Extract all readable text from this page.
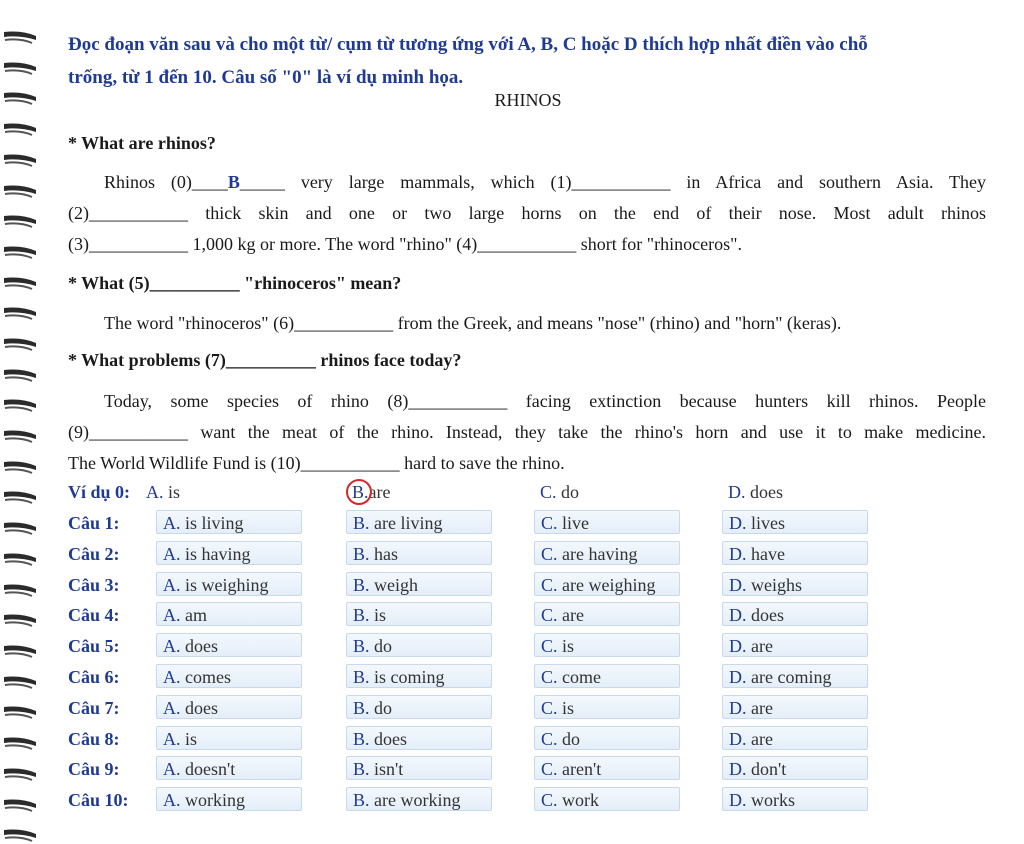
Đọc đoạn văn sau và cho một từ/ cụm từ tương ứng với A, B, C hoặc D thích hợp nhất điền vào chỗ
trống, từ 1 đến 10. Câu số "0" là ví dụ minh họa.
RHINOS
* What are rhinos?
Rhinos (0)____B_____ very large mammals, which (1)___________ in Africa and southern Asia. They
(2)___________ thick skin and one or two large horns on the end of their nose. Most adult rhinos
(3)___________ 1,000 kg or more. The word "rhino" (4)___________ short for "rhinoceros".
* What (5)__________ "rhinoceros" mean?
The word "rhinoceros" (6)___________ from the Greek, and means "nose" (rhino) and "horn" (keras).
* What problems (7)__________ rhinos face today?
Today, some species of rhino (8)___________ facing extinction because hunters kill rhinos. People
(9)___________ want the meat of the rhino. Instead, they take the rhino's horn and use it to make medicine.
The World Wildlife Fund is (10)___________ hard to save the rhino.
Ví dụ 0: A. is	B.are	C. do	D. does
Câu 1:	A. is living	B. are living	C. live	D. lives
Câu 2:	A. is having	B. has	C. are having	D. have
Câu 3:	A. is weighing	B. weigh	C. are weighing	D. weighs
Câu 4:	A. am	B. is	C. are	D. does
Câu 5:	A. does	B. do	C. is	D. are
Câu 6:	A. comes	B. is coming	C. come	D. are coming
Câu 7:	A. does	B. do	C. is	D. are
Câu 8:	A. is	B. does	C. do	D. are
Câu 9:	A. doesn't	B. isn't	C. aren't	D. don't
Câu 10:	A. working	B. are working	C. work	D. works
